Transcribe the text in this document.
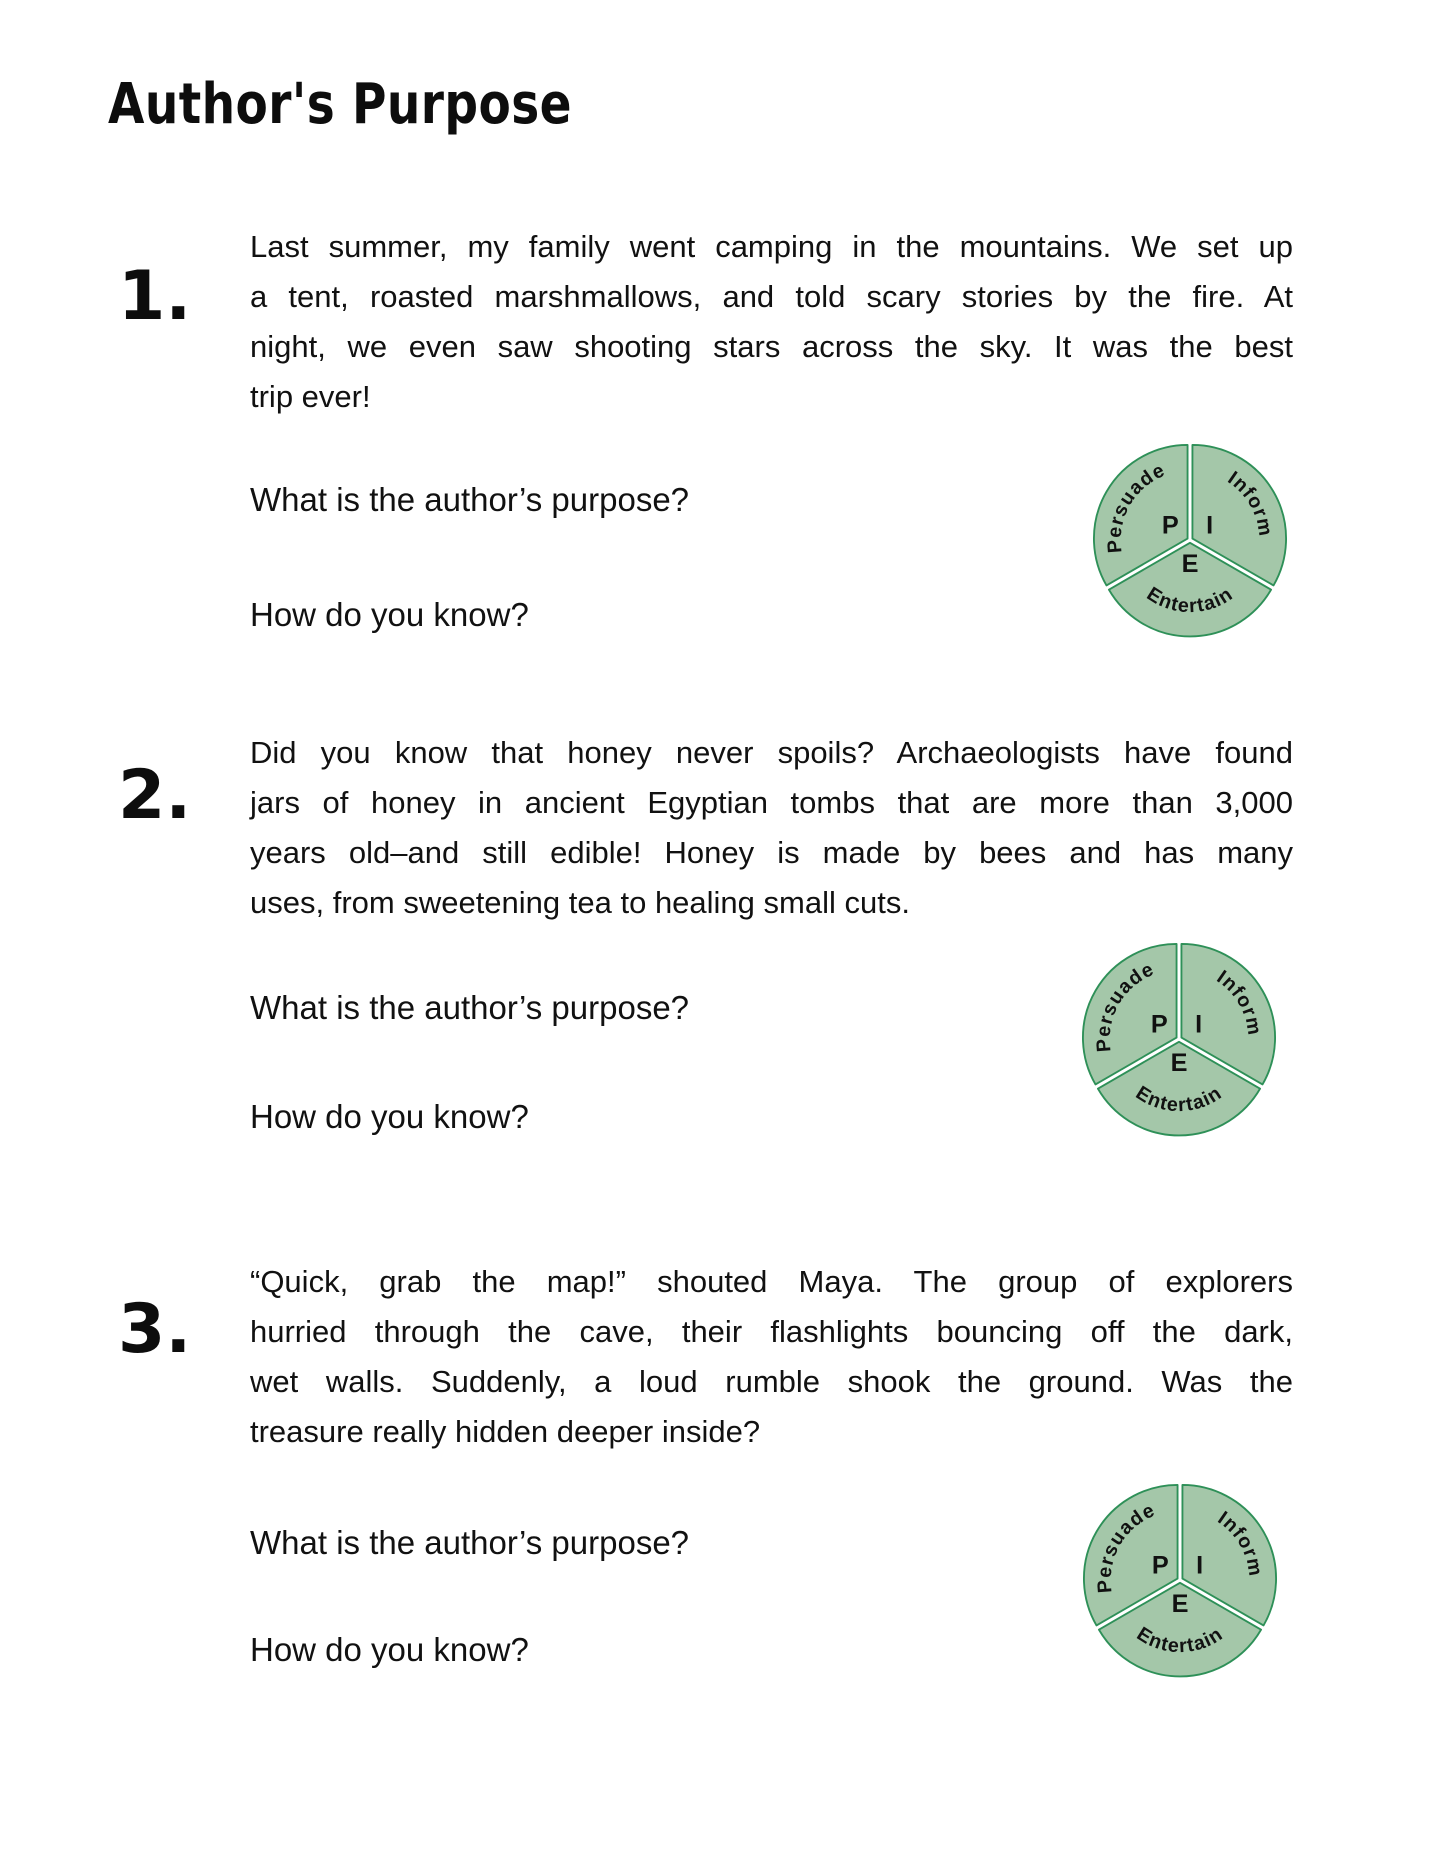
Author's Purpose
1.
Last summer, my family went camping in the mountains. We set up
a tent, roasted marshmallows, and told scary stories by the fire. At
night, we even saw shooting stars across the sky. It was the best
trip ever!
What is the author’s purpose?
How do you know?
Persuade	Inform
Entertain
P I
E
2.
Did you know that honey never spoils? Archaeologists have found
jars of honey in ancient Egyptian tombs that are more than 3,000
years old–and still edible! Honey is made by bees and has many
uses, from sweetening tea to healing small cuts.
What is the author’s purpose?
How do you know?
Persuade	Inform
Entertain
P I
E
3.
“Quick, grab the map!” shouted Maya. The group of explorers
hurried through the cave, their flashlights bouncing off the dark,
wet walls. Suddenly, a loud rumble shook the ground. Was the
treasure really hidden deeper inside?
What is the author’s purpose?
How do you know?
Persuade	Inform
Entertain
P I
E
